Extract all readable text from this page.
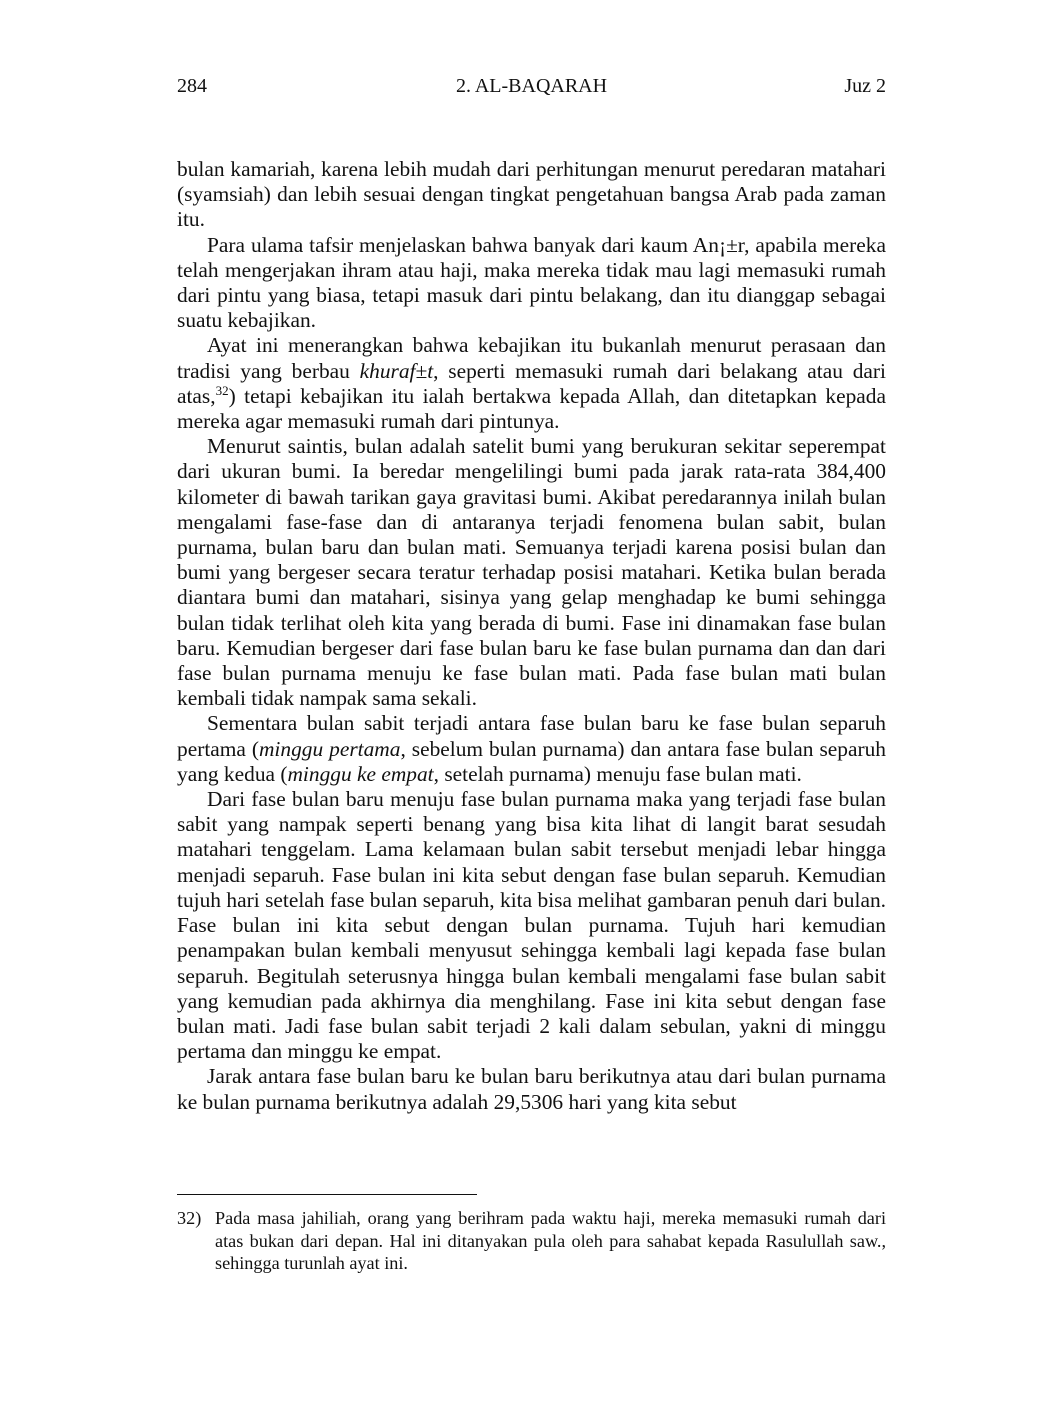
284	2. AL-BAQARAH	Juz 2

bulan kamariah, karena lebih mudah dari perhitungan menurut peredaran matahari (syamsiah) dan lebih sesuai dengan tingkat pengetahuan bangsa Arab pada zaman itu.

Para ulama tafsir menjelaskan bahwa banyak dari kaum An¡±r, apabila mereka telah mengerjakan ihram atau haji, maka mereka tidak mau lagi memasuki rumah dari pintu yang biasa, tetapi masuk dari pintu belakang, dan itu dianggap sebagai suatu kebajikan.

Ayat ini menerangkan bahwa kebajikan itu bukanlah menurut perasaan dan tradisi yang berbau khuraf±t, seperti memasuki rumah dari belakang atau dari atas,$^{32}$) tetapi kebajikan itu ialah bertakwa kepada Allah, dan ditetapkan kepada mereka agar memasuki rumah dari pintunya.

Menurut saintis, bulan adalah satelit bumi yang berukuran sekitar seperempat dari ukuran bumi. Ia beredar mengelilingi bumi pada jarak rata-rata 384,400 kilometer di bawah tarikan gaya gravitasi bumi. Akibat peredarannya inilah bulan mengalami fase-fase dan di antaranya terjadi fenomena bulan sabit, bulan purnama, bulan baru dan bulan mati. Semuanya terjadi karena posisi bulan dan bumi yang bergeser secara teratur terhadap posisi matahari. Ketika bulan berada diantara bumi dan matahari, sisinya yang gelap menghadap ke bumi sehingga bulan tidak terlihat oleh kita yang berada di bumi. Fase ini dinamakan fase bulan baru. Kemudian bergeser dari fase bulan baru ke fase bulan purnama dan dan dari fase bulan purnama menuju ke fase bulan mati. Pada fase bulan mati bulan kembali tidak nampak sama sekali.

Sementara bulan sabit terjadi antara fase bulan baru ke fase bulan separuh pertama (minggu pertama, sebelum bulan purnama) dan antara fase bulan separuh yang kedua (minggu ke empat, setelah purnama) menuju fase bulan mati.

Dari fase bulan baru menuju fase bulan purnama maka yang terjadi fase bulan sabit yang nampak seperti benang yang bisa kita lihat di langit barat sesudah matahari tenggelam. Lama kelamaan bulan sabit tersebut menjadi lebar hingga menjadi separuh. Fase bulan ini kita sebut dengan fase bulan separuh. Kemudian tujuh hari setelah fase bulan separuh, kita bisa melihat gambaran penuh dari bulan. Fase bulan ini kita sebut dengan bulan purnama. Tujuh hari kemudian penampakan bulan kembali menyusut sehingga kembali lagi kepada fase bulan separuh. Begitulah seterusnya hingga bulan kembali mengalami fase bulan sabit yang kemudian pada akhirnya dia menghilang. Fase ini kita sebut dengan fase bulan mati. Jadi fase bulan sabit terjadi 2 kali dalam sebulan, yakni di minggu pertama dan minggu ke empat.

Jarak antara fase bulan baru ke bulan baru berikutnya atau dari bulan purnama ke bulan purnama berikutnya adalah 29,5306 hari yang kita sebut

32) Pada masa jahiliah, orang yang berihram pada waktu haji, mereka memasuki rumah dari atas bukan dari depan. Hal ini ditanyakan pula oleh para sahabat kepada Rasulullah saw., sehingga turunlah ayat ini.
